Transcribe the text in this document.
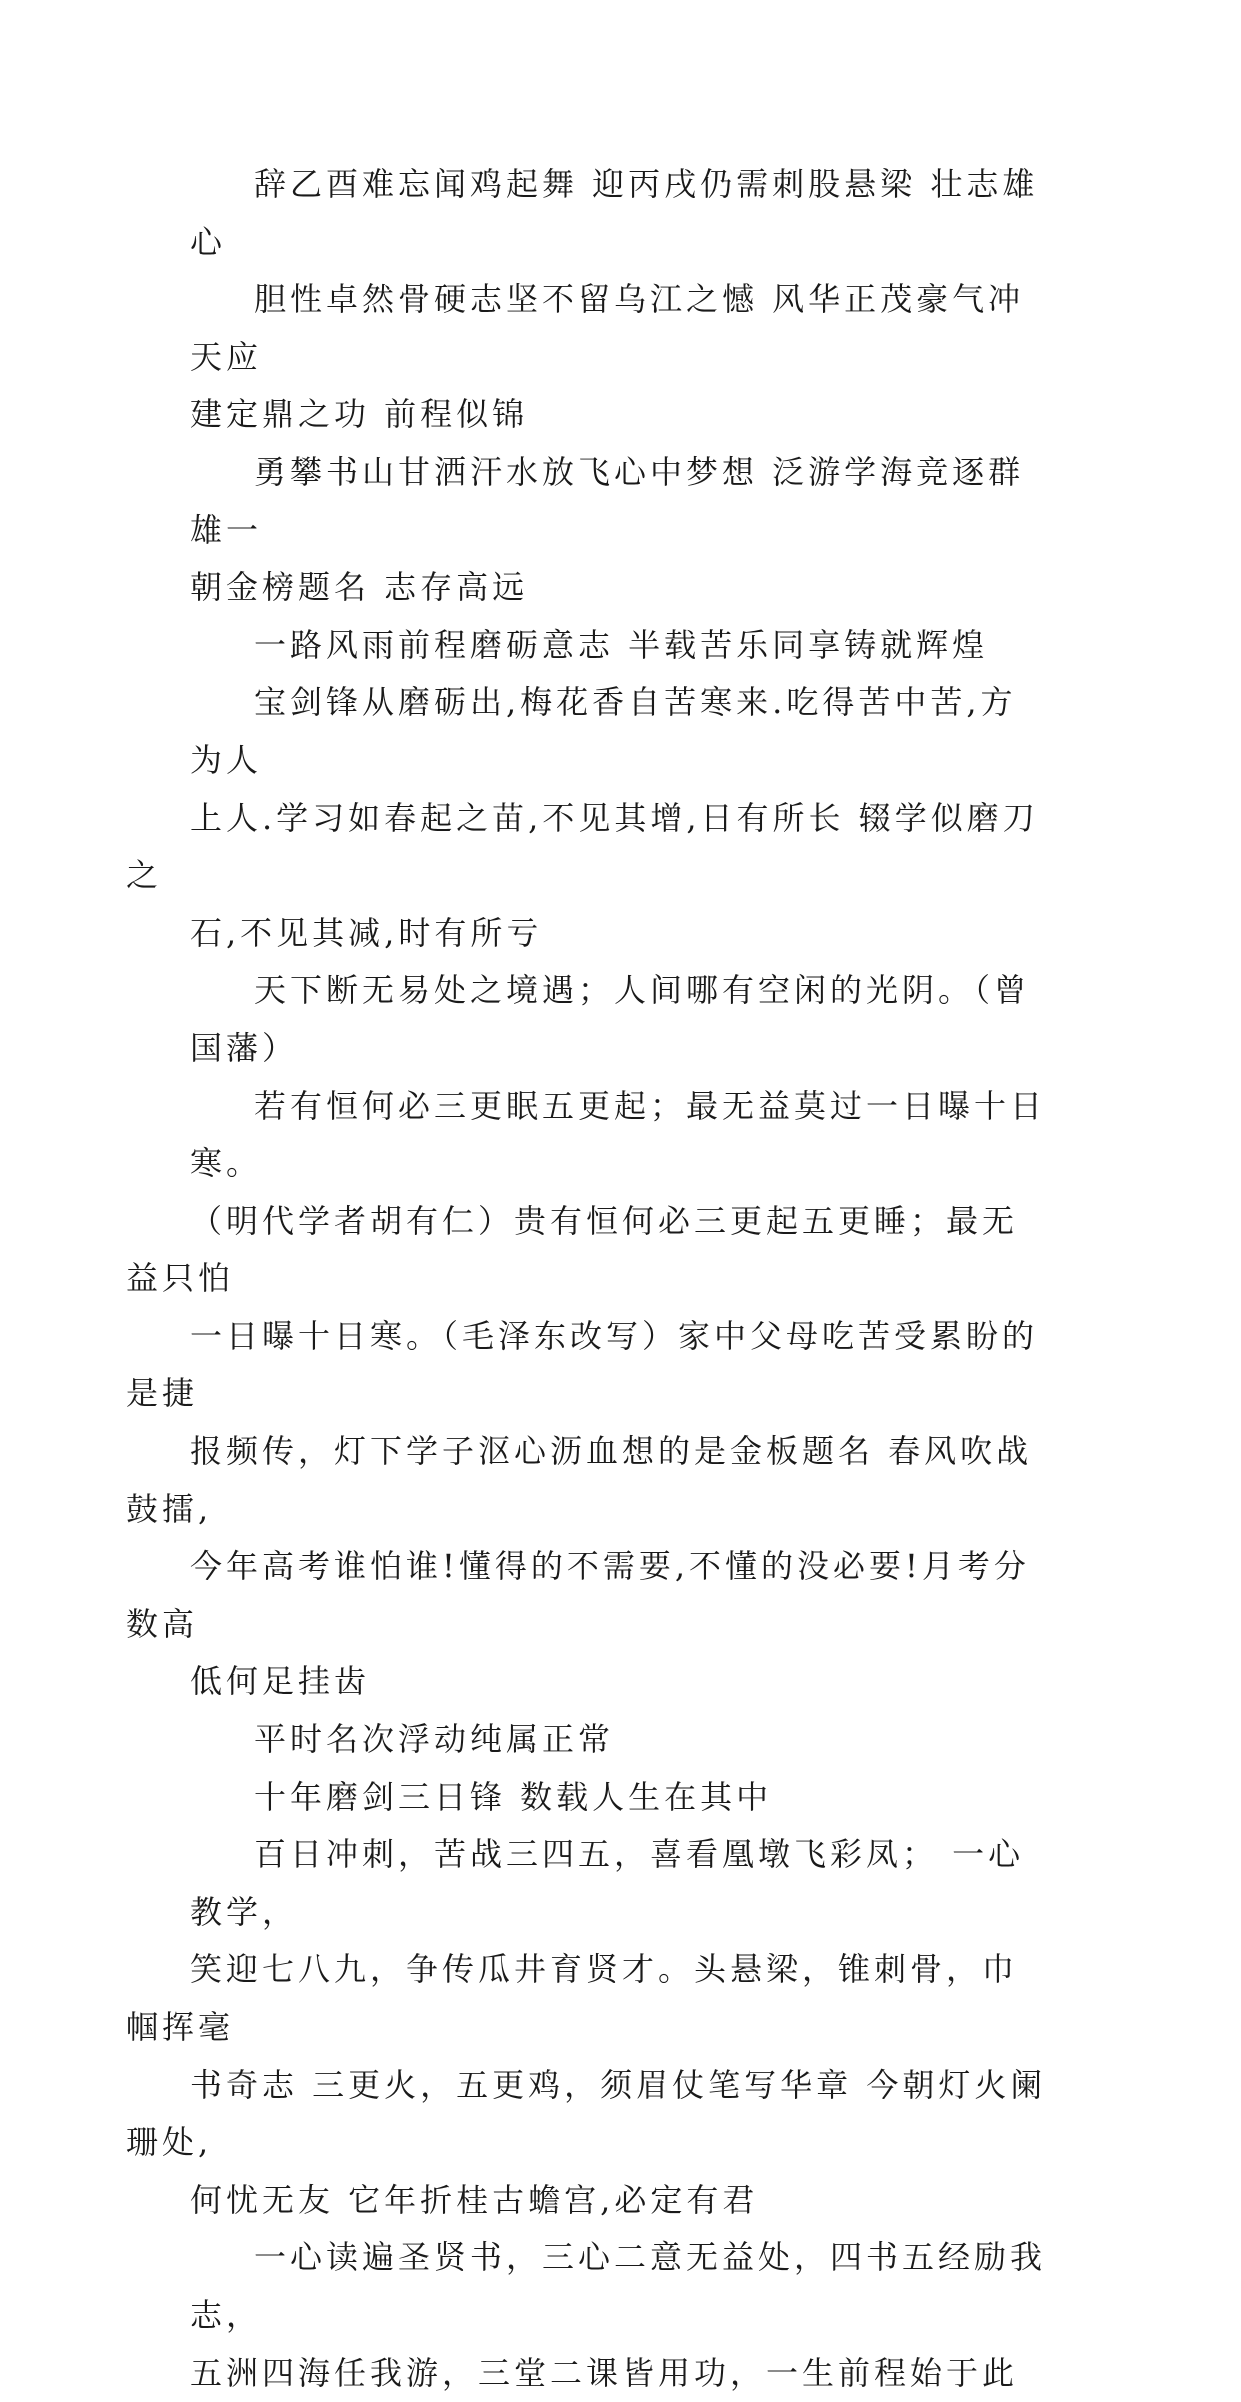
辞乙酉难忘闻鸡起舞 迎丙戌仍需刺股悬梁 壮志雄心

胆性卓然骨硬志坚不留乌江之憾 风华正茂豪气冲天应
建定鼎之功 前程似锦

勇攀书山甘洒汗水放飞心中梦想 泛游学海竞逐群雄一
朝金榜题名 志存高远

一路风雨前程磨砺意志 半载苦乐同享铸就辉煌

宝剑锋从磨砺出,梅花香自苦寒来.吃得苦中苦,方为人
上人.学习如春起之苗,不见其增,日有所长 辍学似磨刀之
石,不见其减,时有所亏

天下断无易处之境遇；人间哪有空闲的光阴。（曾国藩）

若有恒何必三更眠五更起；最无益莫过一日曝十日寒。
（明代学者胡有仁）贵有恒何必三更起五更睡；最无益只怕
一日曝十日寒。（毛泽东改写）家中父母吃苦受累盼的是捷
报频传，灯下学子沤心沥血想的是金板题名 春风吹战鼓擂,
今年高考谁怕谁!懂得的不需要,不懂的没必要!月考分数高
低何足挂齿

平时名次浮动纯属正常

十年磨剑三日锋 数载人生在其中

百日冲刺，苦战三四五，喜看凰墩飞彩凤； 一心教学，
笑迎七八九，争传瓜井育贤才。头悬梁，锥刺骨，巾帼挥毫
书奇志 三更火，五更鸡，须眉仗笔写华章 今朝灯火阑珊处,
何忧无友 它年折桂古蟾宫,必定有君

一心读遍圣贤书，三心二意无益处，四书五经励我志，
五洲四海任我游，三堂二课皆用功，一生前程始于此
